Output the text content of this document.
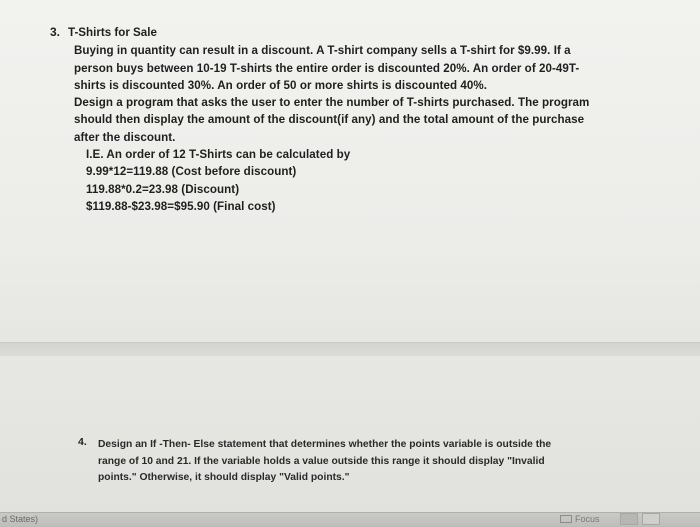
3. T-Shirts for Sale
Buying in quantity can result in a discount. A T-shirt company sells a T-shirt for $9.99. If a
person buys between 10-19 T-shirts the entire order is discounted 20%. An order of 20-49T-
shirts is discounted 30%. An order of 50 or more shirts is discounted 40%.
Design a program that asks the user to enter the number of T-shirts purchased. The program
should then display the amount of the discount(if any) and the total amount of the purchase
after the discount.
I.E. An order of 12 T-Shirts can be calculated by
9.99*12=119.88 (Cost before discount)
119.88*0.2=23.98 (Discount)
$119.88-$23.98=$95.90 (Final cost)
4. Design an If -Then- Else statement that determines whether the points variable is outside the
range of 10 and 21. If the variable holds a value outside this range it should display "Invalid
points." Otherwise, it should display "Valid points."
d States)	Focus
